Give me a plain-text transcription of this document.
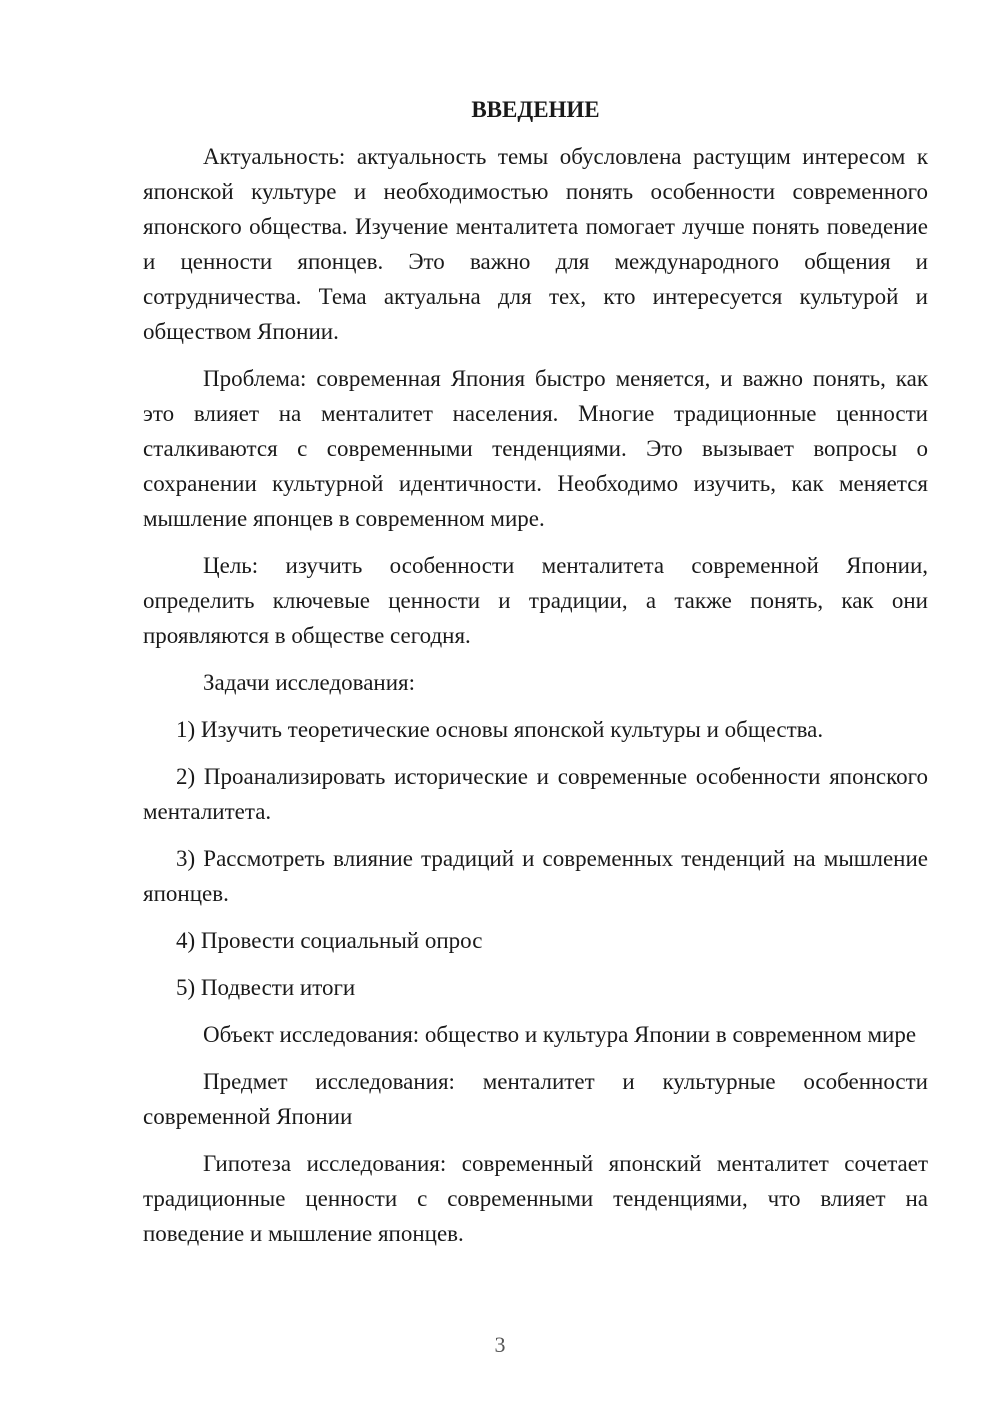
ВВЕДЕНИЕ

Актуальность: актуальность темы обусловлена растущим интересом к японской культуре и необходимостью понять особенности современного японского общества. Изучение менталитета помогает лучше понять поведение и ценности японцев. Это важно для международного общения и сотрудничества. Тема актуальна для тех, кто интересуется культурой и обществом Японии.

Проблема: современная Япония быстро меняется, и важно понять, как это влияет на менталитет населения. Многие традиционные ценности сталкиваются с современными тенденциями. Это вызывает вопросы о сохранении культурной идентичности. Необходимо изучить, как меняется мышление японцев в современном мире.

Цель: изучить особенности менталитета современной Японии, определить ключевые ценности и традиции, а также понять, как они проявляются в обществе сегодня.

Задачи исследования:

1) Изучить теоретические основы японской культуры и общества.

2) Проанализировать исторические и современные особенности японского менталитета.

3) Рассмотреть влияние традиций и современных тенденций на мышление японцев.

4) Провести социальный опрос

5) Подвести итоги

Объект исследования: общество и культура Японии в современном мире

Предмет исследования: менталитет и культурные особенности современной Японии

Гипотеза исследования: современный японский менталитет сочетает традиционные ценности с современными тенденциями, что влияет на поведение и мышление японцев.

3
